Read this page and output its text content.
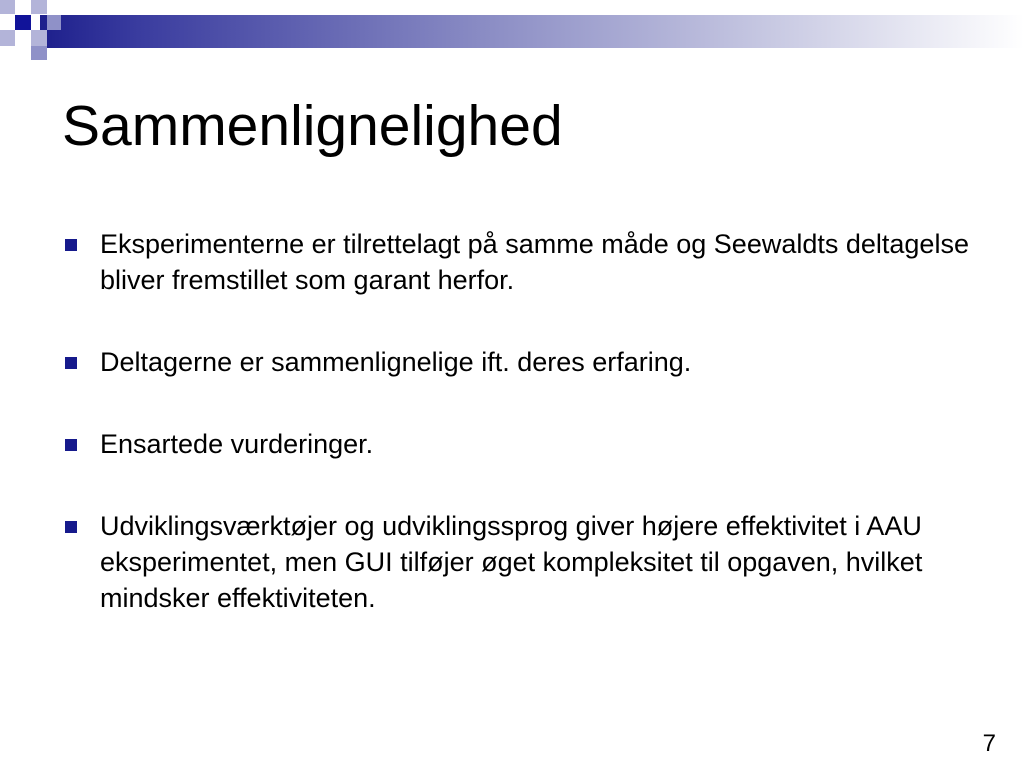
Sammenlignelighed
Eksperimenterne er tilrettelagt på samme måde og Seewaldts deltagelse bliver fremstillet som garant herfor.
Deltagerne er sammenlignelige ift. deres erfaring.
Ensartede vurderinger.
Udviklingsværktøjer og udviklingssprog giver højere effektivitet i AAU eksperimentet, men GUI tilføjer øget kompleksitet til opgaven, hvilket mindsker effektiviteten.
7
